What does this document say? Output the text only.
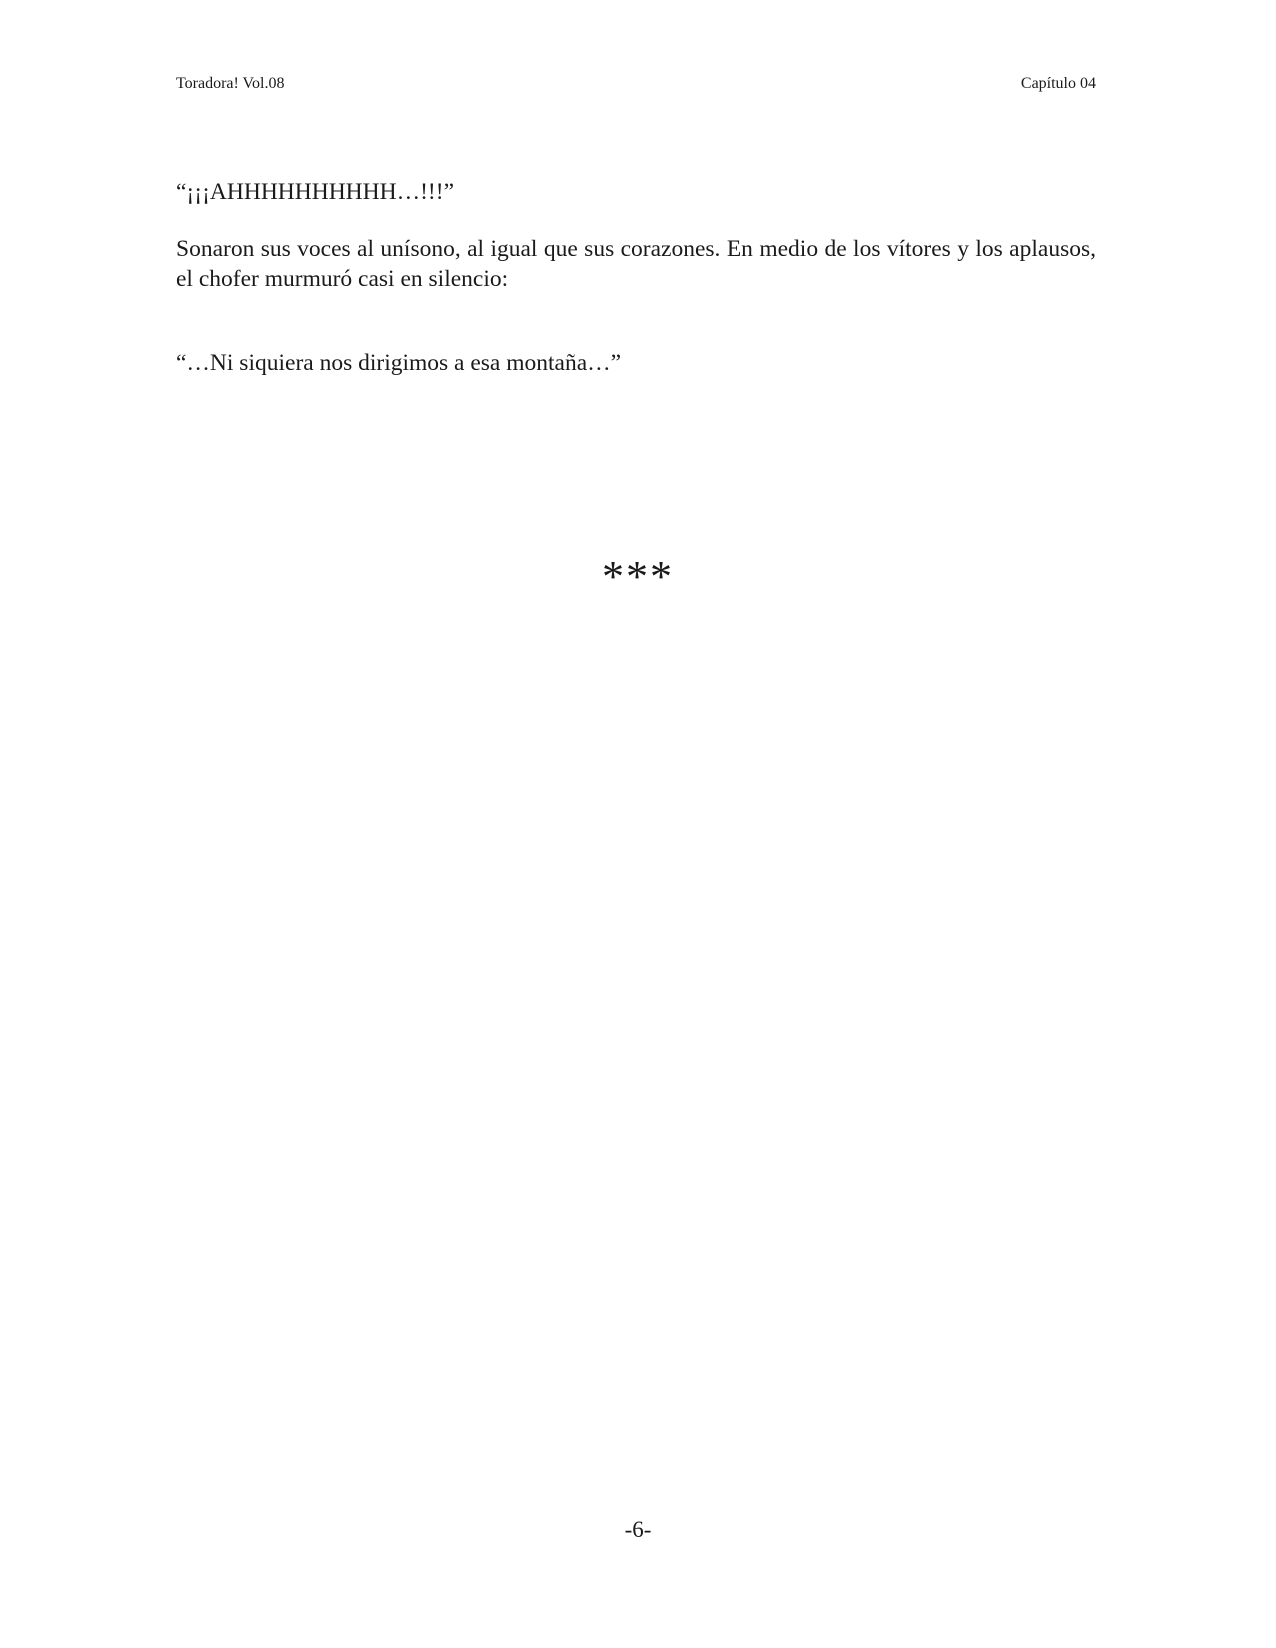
Toradora! Vol.08	Capítulo 04

“¡¡¡AHHHHHHHHHH…!!!”

Sonaron sus voces al unísono, al igual que sus corazones. En medio de los vítores y los aplausos, el chofer murmuró casi en silencio:

“…Ni siquiera nos dirigimos a esa montaña…”

***
-6-
